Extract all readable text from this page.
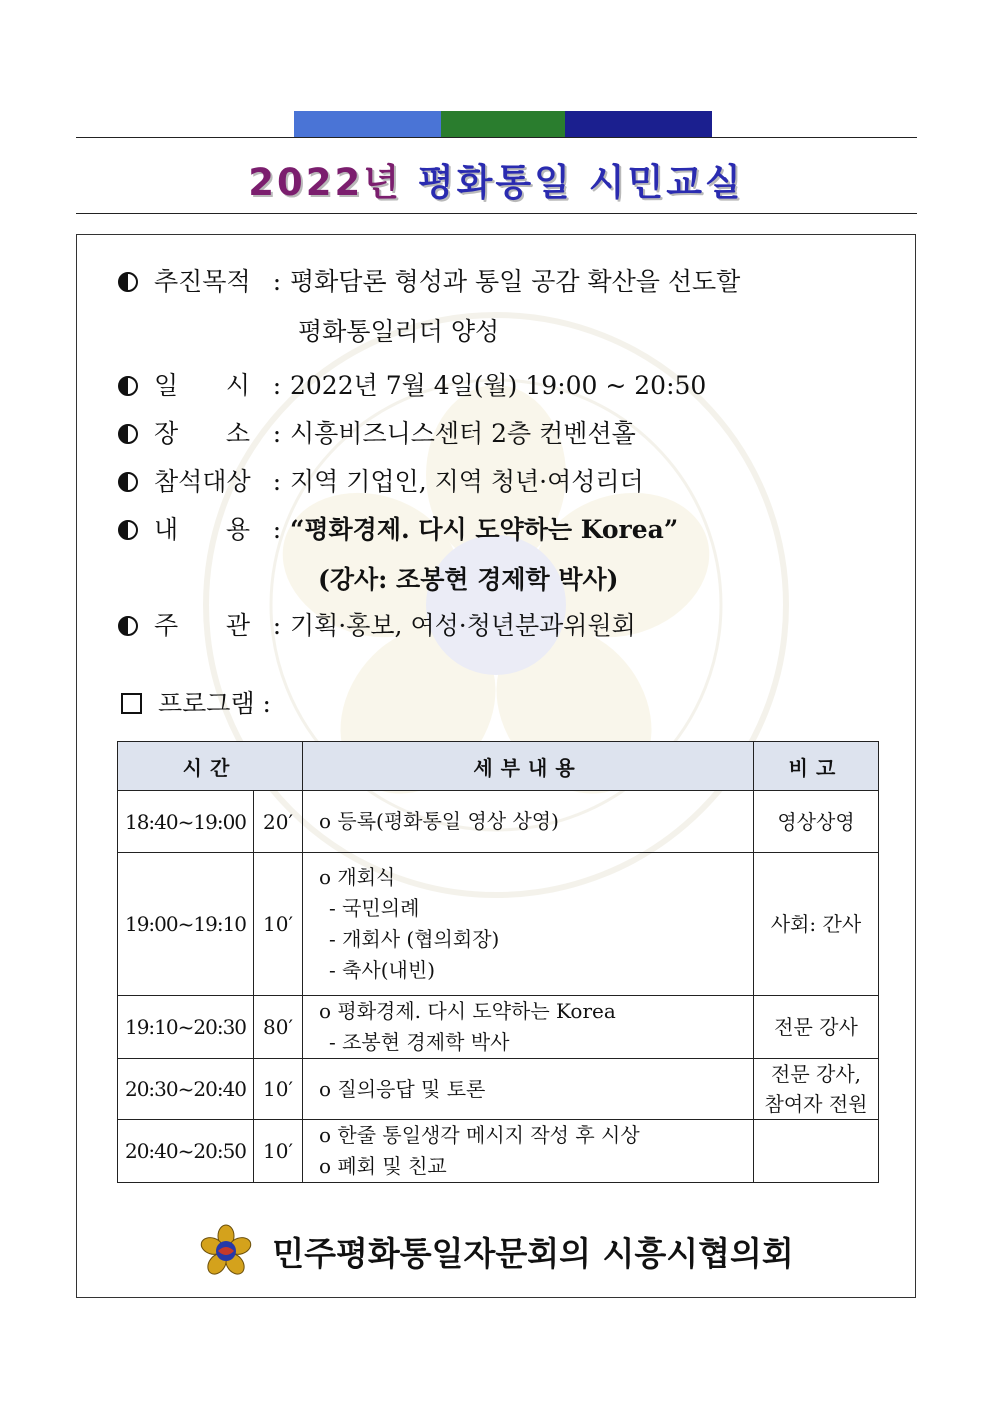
2022년 평화통일 시민교실
추진목적 : 평화담론 형성과 통일 공감 확산을 선도할
평화통일리더 양성
일      시 : 2022년 7월 4일(월) 19:00 ~ 20:50
장      소 : 시흥비즈니스센터 2층 컨벤션홀
참석대상 : 지역 기업인, 지역 청년·여성리더
내      용 : “평화경제. 다시 도약하는 Korea”
(강사: 조봉현 경제학 박사)
주      관 : 기획·홍보, 여성·청년분과위원회
프로그램 :
시간		세부내용	비고
18:40~19:00	20′	o 등록(평화통일 영상 상영)	영상상영
19:00~19:10	10′	o 개회식
- 국민의례
- 개회사 (협의회장)
- 축사(내빈)	사회: 간사
19:10~20:30	80′	o 평화경제. 다시 도약하는 Korea
- 조봉현 경제학 박사	전문 강사
20:30~20:40	10′	o 질의응답 및 토론	전문 강사,
참여자 전원
20:40~20:50	10′	o 한줄 통일생각 메시지 작성 후 시상
o 폐회 및 친교	

민주평화통일자문회의 시흥시협의회
